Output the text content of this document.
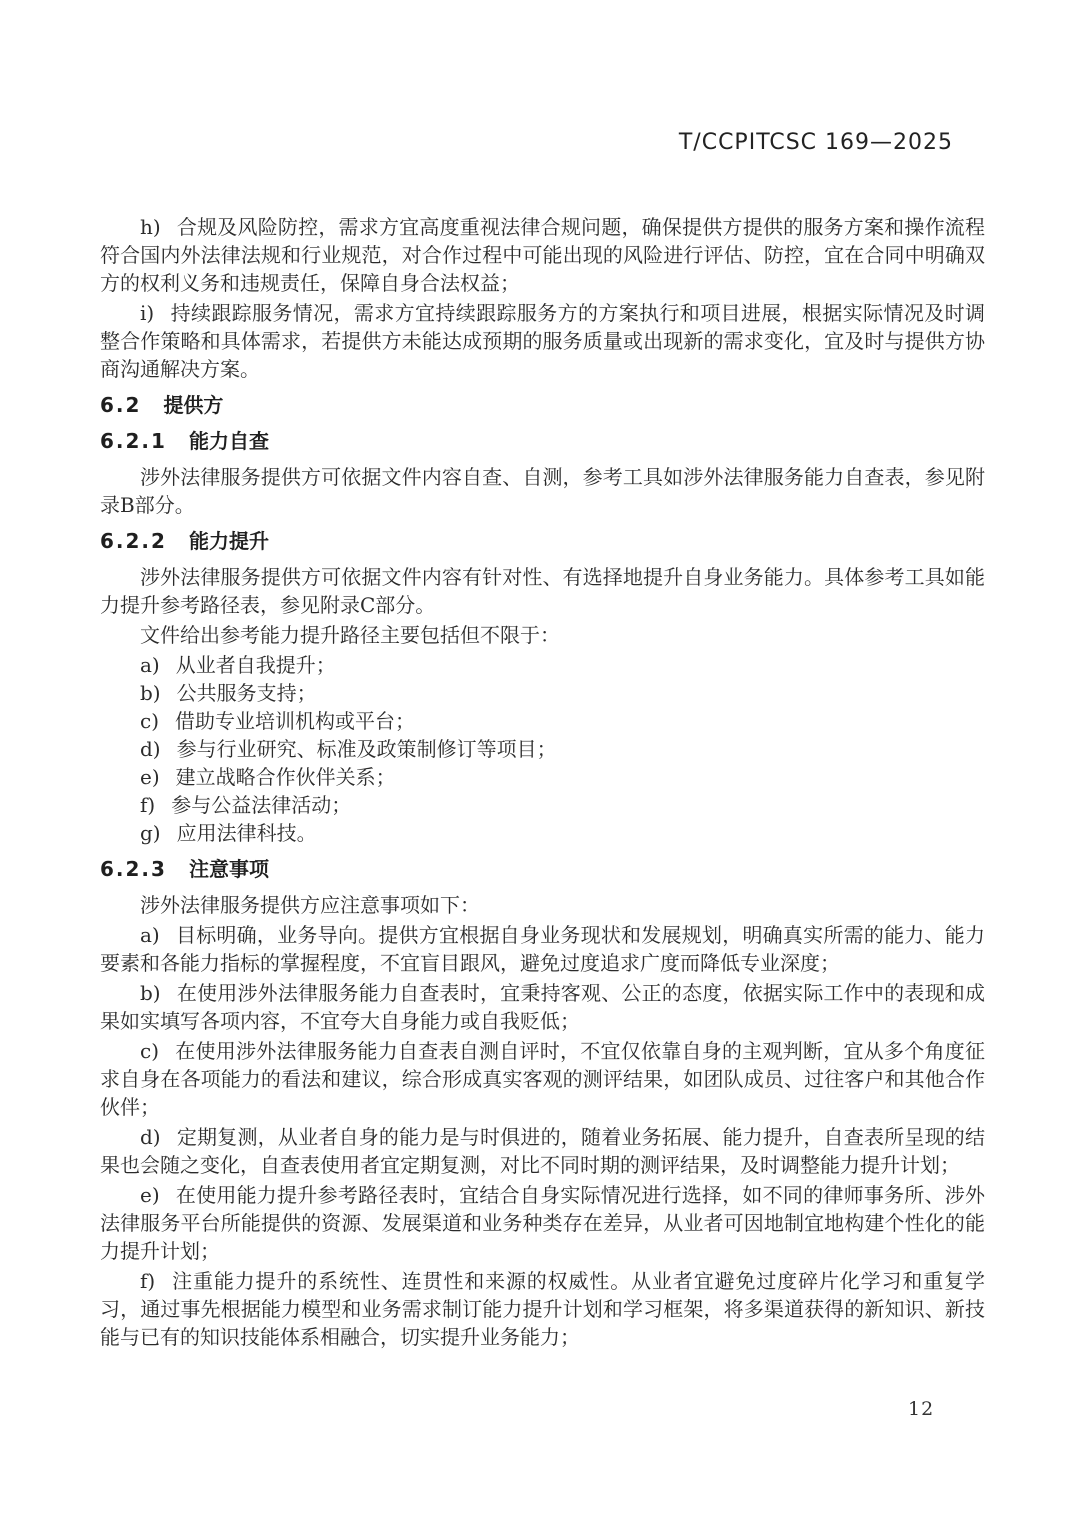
T/CCPITCSC 169—2025

h) 合规及风险防控，需求方宜高度重视法律合规问题，确保提供方提供的服务方案和操作流程符合国内外法律法规和行业规范，对合作过程中可能出现的风险进行评估、防控，宜在合同中明确双方的权利义务和违规责任，保障自身合法权益；

i) 持续跟踪服务情况，需求方宜持续跟踪服务方的方案执行和项目进展，根据实际情况及时调整合作策略和具体需求，若提供方未能达成预期的服务质量或出现新的需求变化，宜及时与提供方协商沟通解决方案。

6.2 提供方
6.2.1 能力自查

涉外法律服务提供方可依据文件内容自查、自测，参考工具如涉外法律服务能力自查表，参见附录B部分。

6.2.2 能力提升

涉外法律服务提供方可依据文件内容有针对性、有选择地提升自身业务能力。具体参考工具如能力提升参考路径表，参见附录C部分。

文件给出参考能力提升路径主要包括但不限于：

a) 从业者自我提升；

b) 公共服务支持；

c) 借助专业培训机构或平台；

d) 参与行业研究、标准及政策制修订等项目；

e) 建立战略合作伙伴关系；

f) 参与公益法律活动；

g) 应用法律科技。

6.2.3 注意事项

涉外法律服务提供方应注意事项如下：

a) 目标明确，业务导向。提供方宜根据自身业务现状和发展规划，明确真实所需的能力、能力要素和各能力指标的掌握程度，不宜盲目跟风，避免过度追求广度而降低专业深度；

b) 在使用涉外法律服务能力自查表时，宜秉持客观、公正的态度，依据实际工作中的表现和成果如实填写各项内容，不宜夸大自身能力或自我贬低；

c) 在使用涉外法律服务能力自查表自测自评时，不宜仅依靠自身的主观判断，宜从多个角度征求自身在各项能力的看法和建议，综合形成真实客观的测评结果，如团队成员、过往客户和其他合作伙伴；

d) 定期复测，从业者自身的能力是与时俱进的，随着业务拓展、能力提升，自查表所呈现的结果也会随之变化，自查表使用者宜定期复测，对比不同时期的测评结果，及时调整能力提升计划；

e) 在使用能力提升参考路径表时，宜结合自身实际情况进行选择，如不同的律师事务所、涉外法律服务平台所能提供的资源、发展渠道和业务种类存在差异，从业者可因地制宜地构建个性化的能力提升计划；

f) 注重能力提升的系统性、连贯性和来源的权威性。从业者宜避免过度碎片化学习和重复学习，通过事先根据能力模型和业务需求制订能力提升计划和学习框架，将多渠道获得的新知识、新技能与已有的知识技能体系相融合，切实提升业务能力；

12
